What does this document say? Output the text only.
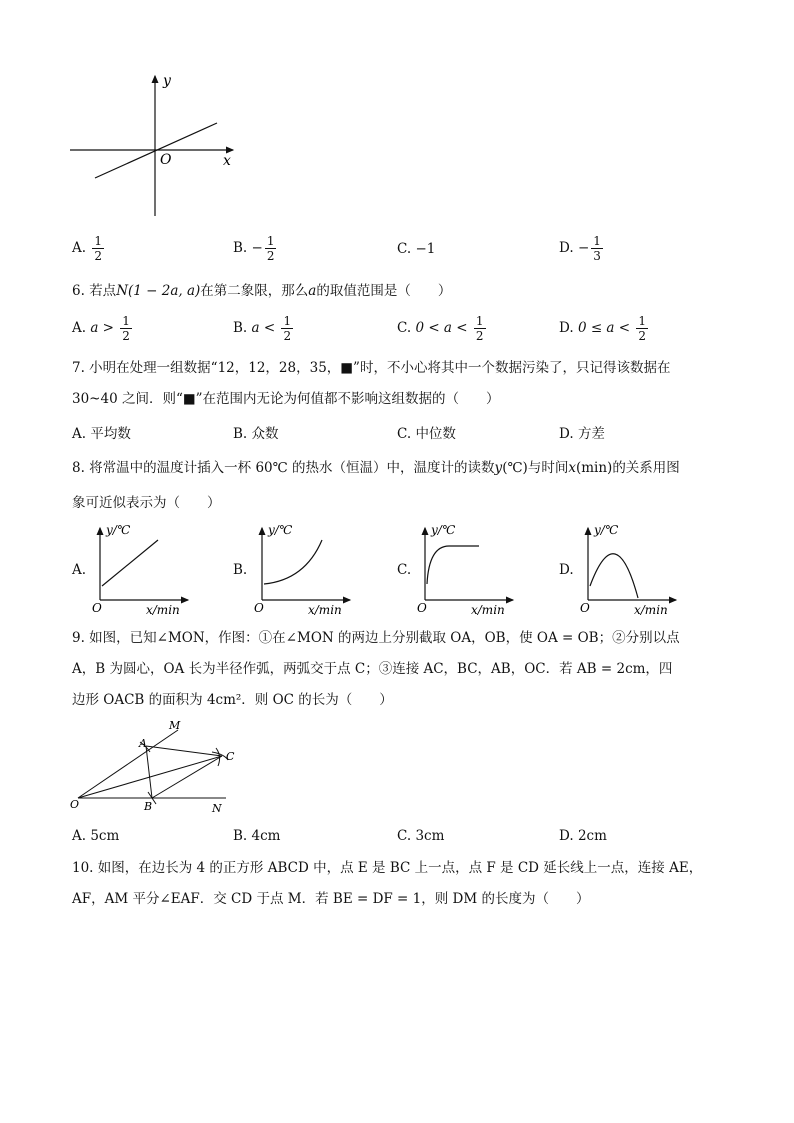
y
x
O
A. $\frac{1}{2}$	B. − $\frac{1}{2}$	C. −1	D. − $\frac{1}{3}$
6. 若点N(1 − 2a, a)在第二象限，那么a的取值范围是（　　）
A. $a > \frac{1}{2}$	B. $a < \frac{1}{2}$	C. $0 < a < \frac{1}{2}$	D. $0 \le a < \frac{1}{2}$
7. 小明在处理一组数据“12，12，28，35，■”时，不小心将其中一个数据污染了，只记得该数据在
30~40 之间．则“■”在范围内无论为何值都不影响这组数据的（　　）
A. 平均数	B. 众数	C. 中位数	D. 方差
8. 将常温中的温度计插入一杯 60℃ 的热水（恒温）中，温度计的读数y(℃)与时间x(min)的关系用图
象可近似表示为（　　）
A.
y/℃
x/min
O
B.
y/℃
x/min
O
C.
y/℃
x/min
O
D.
y/℃
x/min
O
9. 如图，已知∠MON，作图：①在∠MON 的两边上分别截取 OA，OB，使 OA = OB；②分别以点
A，B 为圆心，OA 长为半径作弧，两弧交于点 C；③连接 AC，BC，AB，OC．若 AB = 2cm，四
边形 OACB 的面积为 4cm²．则 OC 的长为（　　）
M
A
C
O	B	N
A. 5cm	B. 4cm	C. 3cm	D. 2cm
10. 如图，在边长为 4 的正方形 ABCD 中，点 E 是 BC 上一点，点 F 是 CD 延长线上一点，连接 AE，
AF，AM 平分∠EAF．交 CD 于点 M．若 BE = DF = 1，则 DM 的长度为（　　）
